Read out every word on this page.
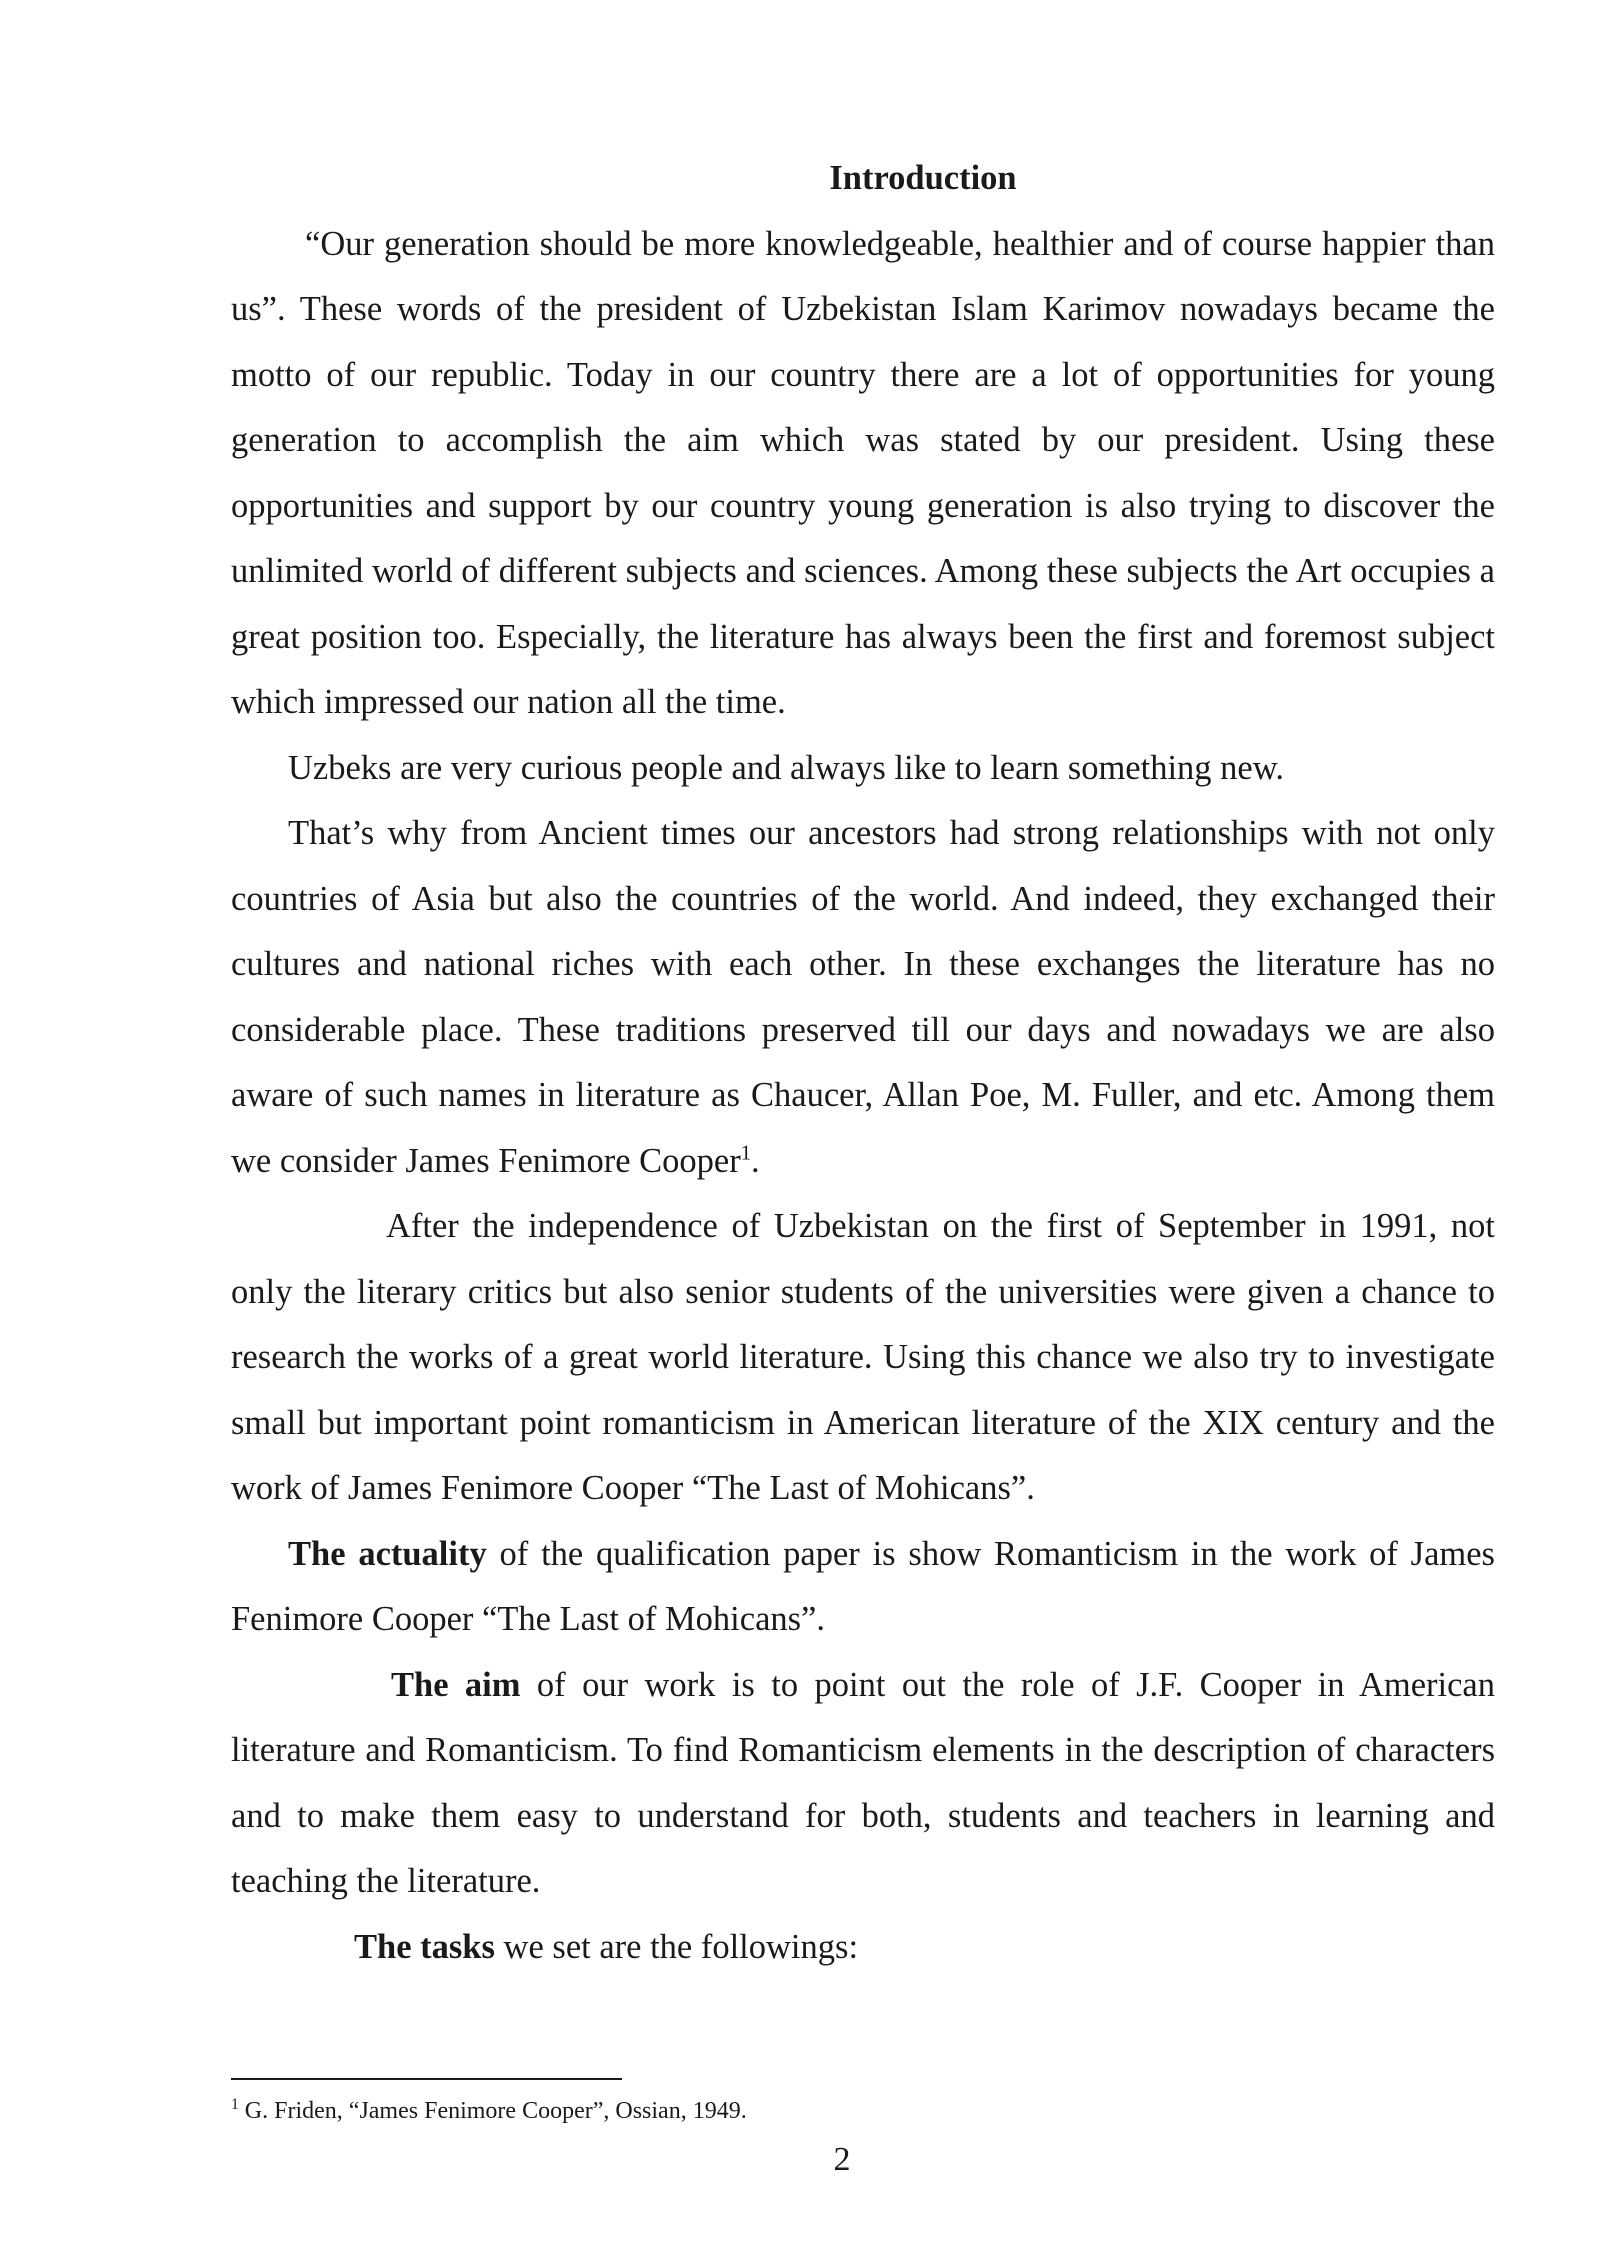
Introduction

“Our generation should be more knowledgeable, healthier and of course happier than us”. These words of the president of Uzbekistan Islam Karimov nowadays became the motto of our republic. Today in our country there are a lot of opportunities for young generation to accomplish the aim which was stated by our president. Using these opportunities and support by our country young generation is also trying to discover the unlimited world of different subjects and sciences. Among these subjects the Art occupies a great position too. Especially, the literature has always been the first and foremost subject which impressed our nation all the time.

Uzbeks are very curious people and always like to learn something new.

That’s why from Ancient times our ancestors had strong relationships with not only countries of Asia but also the countries of the world. And indeed, they exchanged their cultures and national riches with each other. In these exchanges the literature has no considerable place. These traditions preserved till our days and nowadays we are also aware of such names in literature as Chaucer, Allan Poe, M. Fuller, and etc. Among them we consider James Fenimore Cooper$^1$.

After the independence of Uzbekistan on the first of September in 1991, not only the literary critics but also senior students of the universities were given a chance to research the works of a great world literature. Using this chance we also try to investigate small but important point romanticism in American literature of the XIX century and the work of James Fenimore Cooper “The Last of Mohicans”.

The actuality of the qualification paper is show Romanticism in the work of James Fenimore Cooper “The Last of Mohicans”.

The aim of our work is to point out the role of J.F. Cooper in American literature and Romanticism. To find Romanticism elements in the description of characters and to make them easy to understand for both, students and teachers in learning and teaching the literature.

The tasks we set are the followings:

$^1$ G. Friden, “James Fenimore Cooper”, Ossian, 1949.
2
